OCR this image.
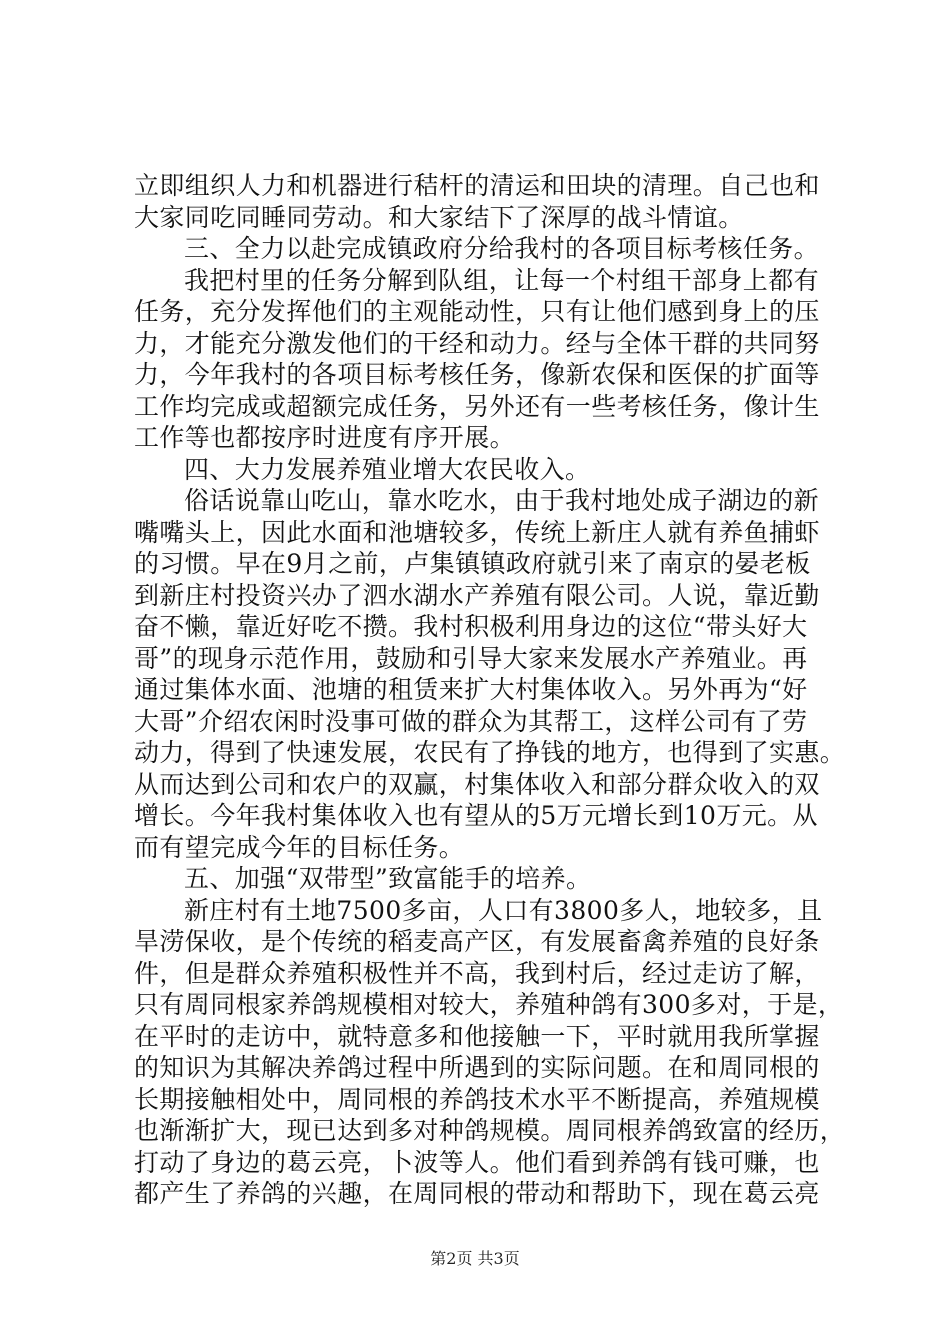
立即组织人力和机器进行秸杆的清运和田块的清理。自己也和
大家同吃同睡同劳动。和大家结下了深厚的战斗情谊。
三、全力以赴完成镇政府分给我村的各项目标考核任务。
我把村里的任务分解到队组，让每一个村组干部身上都有
任务，充分发挥他们的主观能动性，只有让他们感到身上的压
力，才能充分激发他们的干经和动力。经与全体干群的共同努
力，今年我村的各项目标考核任务，像新农保和医保的扩面等
工作均完成或超额完成任务，另外还有一些考核任务，像计生
工作等也都按序时进度有序开展。
四、大力发展养殖业增大农民收入。
俗话说靠山吃山，靠水吃水，由于我村地处成子湖边的新
嘴嘴头上，因此水面和池塘较多，传统上新庄人就有养鱼捕虾
的习惯。早在9月之前，卢集镇镇政府就引来了南京的晏老板
到新庄村投资兴办了泗水湖水产养殖有限公司。人说，靠近勤
奋不懒，靠近好吃不攒。我村积极利用身边的这位“带头好大
哥”的现身示范作用，鼓励和引导大家来发展水产养殖业。再
通过集体水面、池塘的租赁来扩大村集体收入。另外再为“好
大哥”介绍农闲时没事可做的群众为其帮工，这样公司有了劳
动力，得到了快速发展，农民有了挣钱的地方，也得到了实惠。
从而达到公司和农户的双赢，村集体收入和部分群众收入的双
增长。今年我村集体收入也有望从的5万元增长到10万元。从
而有望完成今年的目标任务。
五、加强“双带型”致富能手的培养。
新庄村有土地7500多亩，人口有3800多人，地较多，且
旱涝保收，是个传统的稻麦高产区，有发展畜禽养殖的良好条
件，但是群众养殖积极性并不高，我到村后，经过走访了解，
只有周同根家养鸽规模相对较大，养殖种鸽有300多对，于是，
在平时的走访中，就特意多和他接触一下，平时就用我所掌握
的知识为其解决养鸽过程中所遇到的实际问题。在和周同根的
长期接触相处中，周同根的养鸽技术水平不断提高，养殖规模
也渐渐扩大，现已达到多对种鸽规模。周同根养鸽致富的经历，
打动了身边的葛云亮，卜波等人。他们看到养鸽有钱可赚，也
都产生了养鸽的兴趣，在周同根的带动和帮助下，现在葛云亮
第2页 共3页
